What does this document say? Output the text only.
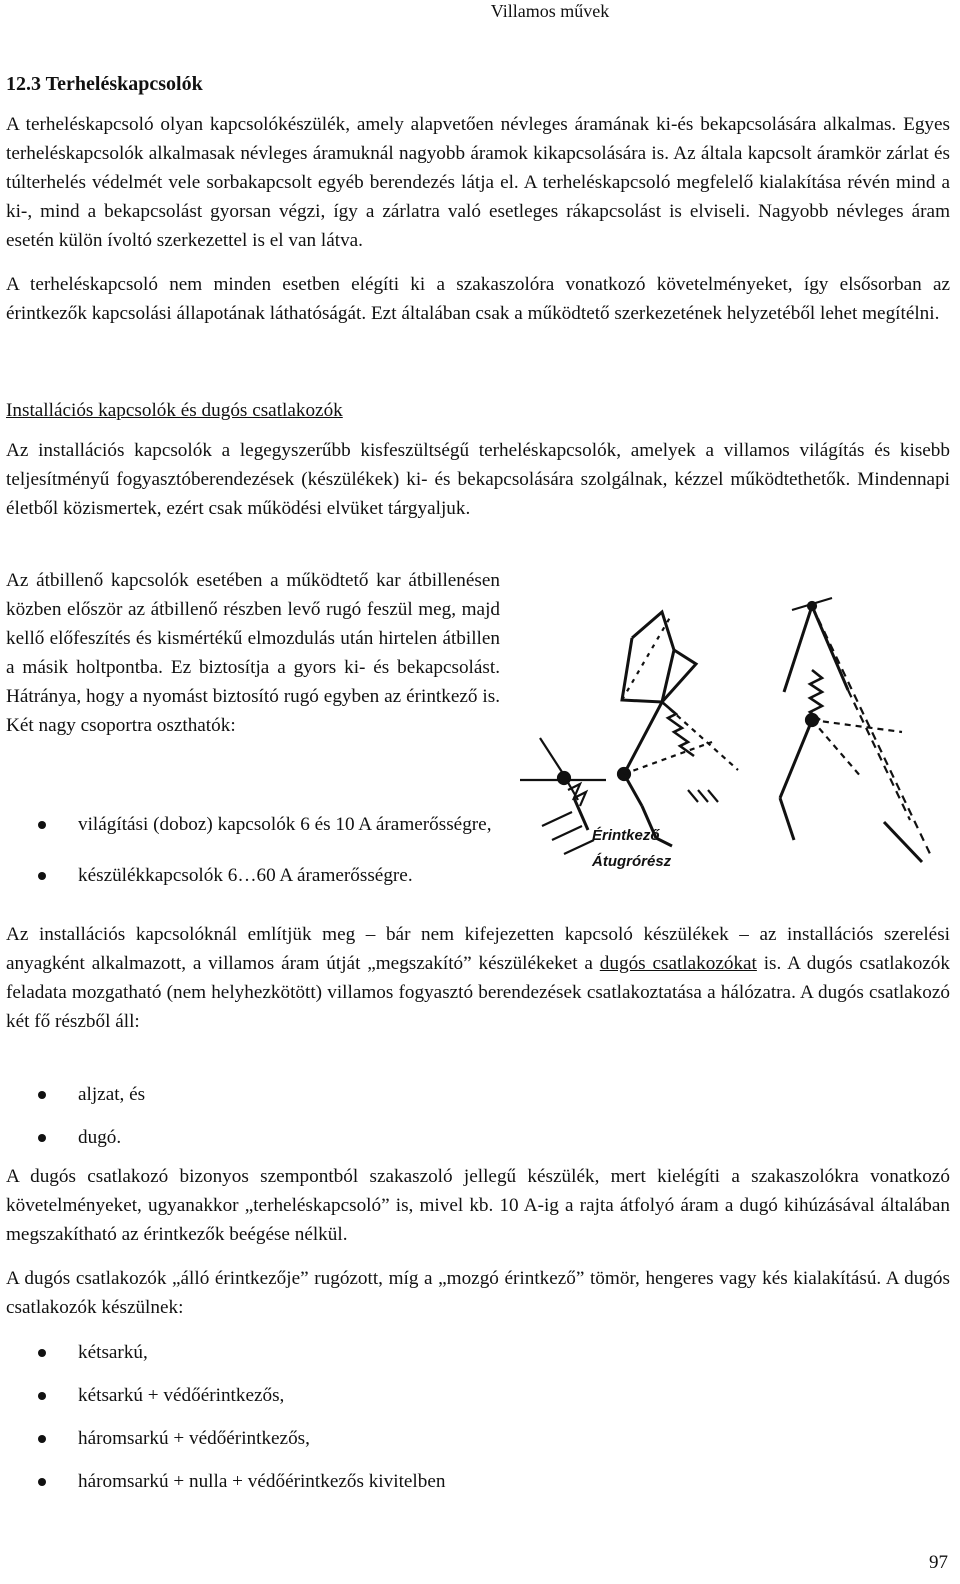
Villamos művek
12.3 Terheléskapcsolók

A terheléskapcsoló olyan kapcsolókészülék, amely alapvetően névleges áramának ki-és bekapcsolására alkalmas. Egyes terheléskapcsolók alkalmasak névleges áramuknál nagyobb áramok kikapcsolására is. Az általa kapcsolt áramkör zárlat és túlterhelés védelmét vele sorbakapcsolt egyéb berendezés látja el. A terheléskapcsoló megfelelő kialakítása révén mind a ki-, mind a bekapcsolást gyorsan végzi, így a zárlatra való esetleges rákapcsolást is elviseli. Nagyobb névleges áram esetén külön ívoltó szerkezettel is el van látva.

A terheléskapcsoló nem minden esetben elégíti ki a szakaszolóra vonatkozó követelményeket, így elsősorban az érintkezők kapcsolási állapotának láthatóságát. Ezt általában csak a működtető szerkezetének helyzetéből lehet megítélni.

Installációs kapcsolók és dugós csatlakozók

Az installációs kapcsolók a legegyszerűbb kisfeszültségű terheléskapcsolók, amelyek a villamos világítás és kisebb teljesítményű fogyasztóberendezések (készülékek) ki- és bekapcsolására szolgálnak, kézzel működtethetők. Mindennapi életből közismertek, ezért csak működési elvüket tárgyaljuk.

Az átbillenő kapcsolók esetében a működtető kar átbillenésen közben először az átbillenő részben levő rugó feszül meg, majd kellő előfeszítés és kismértékű elmozdulás után hirtelen átbillen a másik holtpontba. Ez biztosítja a gyors ki- és bekapcsolást. Hátránya, hogy a nyomást biztosító rugó egyben az érintkező is. Két nagy csoportra oszthatók:

világítási (doboz) kapcsolók 6 és 10 A áramerősségre,
készülékkapcsolók 6…60 A áramerősségre.
Érintkező
Átugrórész

Az installációs kapcsolóknál említjük meg – bár nem kifejezetten kapcsoló készülékek – az installációs szerelési anyagként alkalmazott, a villamos áram útját „megszakító” készülékeket a dugós csatlakozókat is. A dugós csatlakozók feladata mozgatható (nem helyhezkötött) villamos fogyasztó berendezések csatlakoztatása a hálózatra. A dugós csatlakozó két fő részből áll:

aljzat, és
dugó.

A dugós csatlakozó bizonyos szempontból szakaszoló jellegű készülék, mert kielégíti a szakaszolókra vonatkozó követelményeket, ugyanakkor „terheléskapcsoló” is, mivel kb. 10 A-ig a rajta átfolyó áram a dugó kihúzásával általában megszakítható az érintkezők beégése nélkül.

A dugós csatlakozók „álló érintkezője” rugózott, míg a „mozgó érintkező” tömör, hengeres vagy kés kialakítású. A dugós csatlakozók készülnek:

kétsarkú,
kétsarkú + védőérintkezős,
háromsarkú + védőérintkezős,
háromsarkú + nulla + védőérintkezős kivitelben
97
